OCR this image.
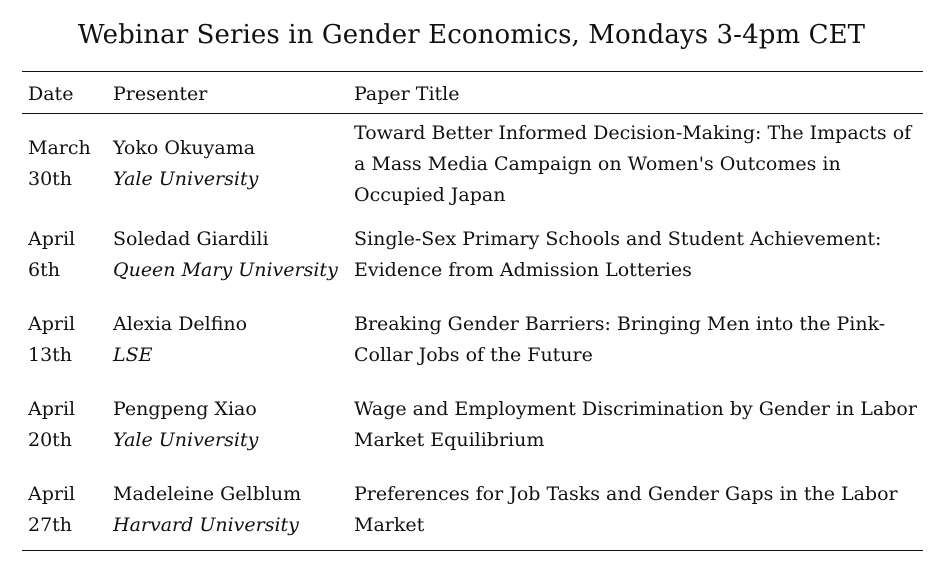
Webinar Series in Gender Economics, Mondays 3-4pm CET
Date Presenter	Paper Title
March
30th
Yoko Okuyama
Yale University
Toward Better Informed Decision-Making: The Impacts of a Mass Media Campaign on Women's Outcomes in Occupied Japan
April
6th
Soledad Giardili
Queen Mary University
Single-Sex Primary Schools and Student Achievement: Evidence from Admission Lotteries
April
13th
Alexia Delfino
LSE
Breaking Gender Barriers: Bringing Men into the Pink-Collar Jobs of the Future
April
20th
Pengpeng Xiao
Yale University
Wage and Employment Discrimination by Gender in Labor Market Equilibrium
April
27th
Madeleine Gelblum
Harvard University
Preferences for Job Tasks and Gender Gaps in the Labor Market
